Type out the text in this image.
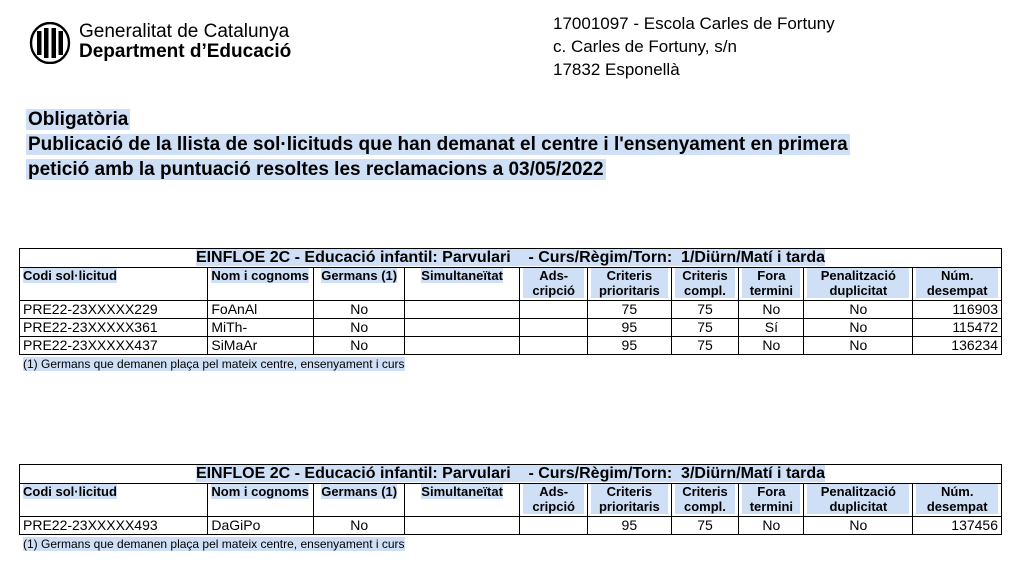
Generalitat de Catalunya
Department d’Educació
17001097 - Escola Carles de Fortuny
c. Carles de Fortuny, s/n
17832 Esponellà
Obligatòria
Publicació de la llista de sol·licituds que han demanat el centre i l'ensenyament en primera
petició amb la puntuació resoltes les reclamacions a 03/05/2022
EINFLOE 2C - Educació infantil: Parvulari    - Curs/Règim/Torn:  1/Diürn/Matí i tarda									
Codi sol·licitud	Nom i cognoms	Germans (1)	Simultaneïtat	Ads- cripció	Criteris prioritaris	Criteris compl.	Fora termini	Penalització duplicitat	Núm. desempat
PRE22-23XXXXX229	FoAnAl	No			75	75	No	No	116903
PRE22-23XXXXX361	MiTh-	No			95	75	Sí	No	115472
PRE22-23XXXXX437	SiMaAr	No			95	75	No	No	136234
(1) Germans que demanen plaça pel mateix centre, ensenyament i curs
EINFLOE 2C - Educació infantil: Parvulari    - Curs/Règim/Torn:  3/Diürn/Matí i tarda									
Codi sol·licitud	Nom i cognoms	Germans (1)	Simultaneïtat	Ads- cripció	Criteris prioritaris	Criteris compl.	Fora termini	Penalització duplicitat	Núm. desempat
PRE22-23XXXXX493	DaGiPo	No			95	75	No	No	137456
(1) Germans que demanen plaça pel mateix centre, ensenyament i curs
